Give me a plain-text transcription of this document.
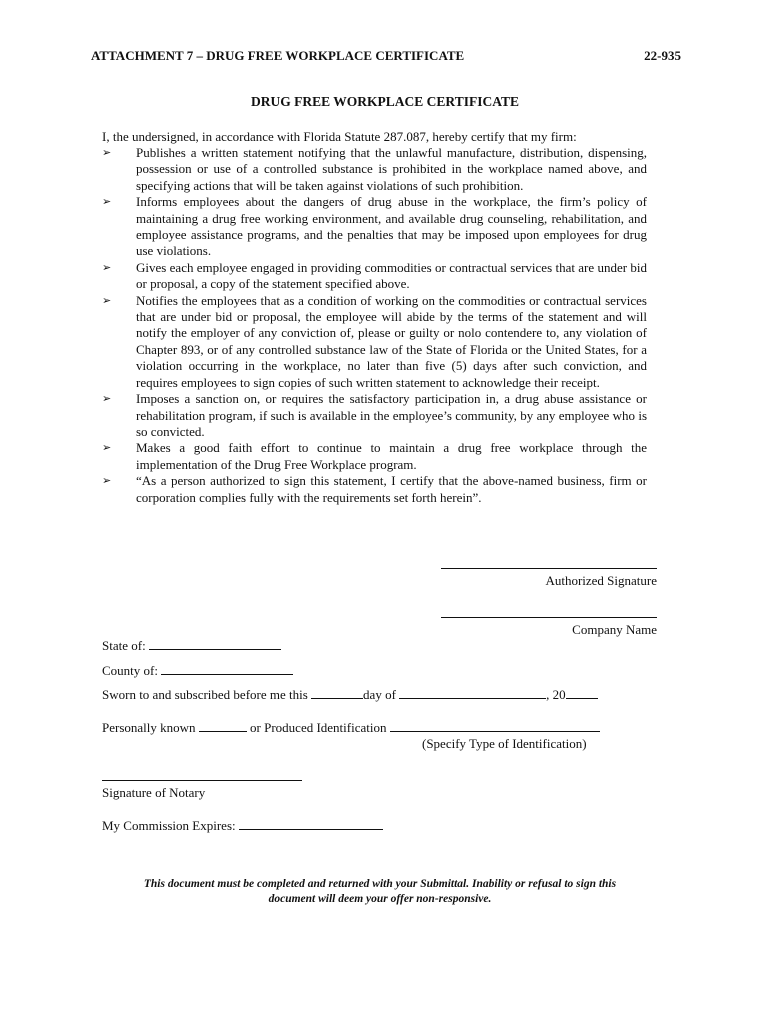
ATTACHMENT 7 – DRUG FREE WORKPLACE CERTIFICATE	22-935
DRUG FREE WORKPLACE CERTIFICATE
I, the undersigned, in accordance with Florida Statute 287.087, hereby certify that my firm:
➢	Publishes a written statement notifying that the unlawful manufacture, distribution, dispensing, possession or use of a controlled substance is prohibited in the workplace named above, and specifying actions that will be taken against violations of such prohibition.
➢	Informs employees about the dangers of drug abuse in the workplace, the firm’s policy of maintaining a drug free working environment, and available drug counseling, rehabilitation, and employee assistance programs, and the penalties that may be imposed upon employees for drug use violations.
➢	Gives each employee engaged in providing commodities or contractual services that are under bid or proposal, a copy of the statement specified above.
➢	Notifies the employees that as a condition of working on the commodities or contractual services that are under bid or proposal, the employee will abide by the terms of the statement and will notify the employer of any conviction of, please or guilty or nolo contendere to, any violation of Chapter 893, or of any controlled substance law of the State of Florida or the United States, for a violation occurring in the workplace, no later than five (5) days after such conviction, and requires employees to sign copies of such written statement to acknowledge their receipt.
➢	Imposes a sanction on, or requires the satisfactory participation in, a drug abuse assistance or rehabilitation program, if such is available in the employee’s community, by any employee who is so convicted.
➢	Makes a good faith effort to continue to maintain a drug free workplace through the implementation of the Drug Free Workplace program.
➢	“As a person authorized to sign this statement, I certify that the above-named business, firm or corporation complies fully with the requirements set forth herein”.
Authorized Signature
Company Name
State of:
County of:
Sworn to and subscribed before me this	day of	, 20
Personally known	or Produced Identification
(Specify Type of Identification)
Signature of Notary
My Commission Expires:
This document must be completed and returned with your Submittal. Inability or refusal to sign this
document will deem your offer non-responsive.
